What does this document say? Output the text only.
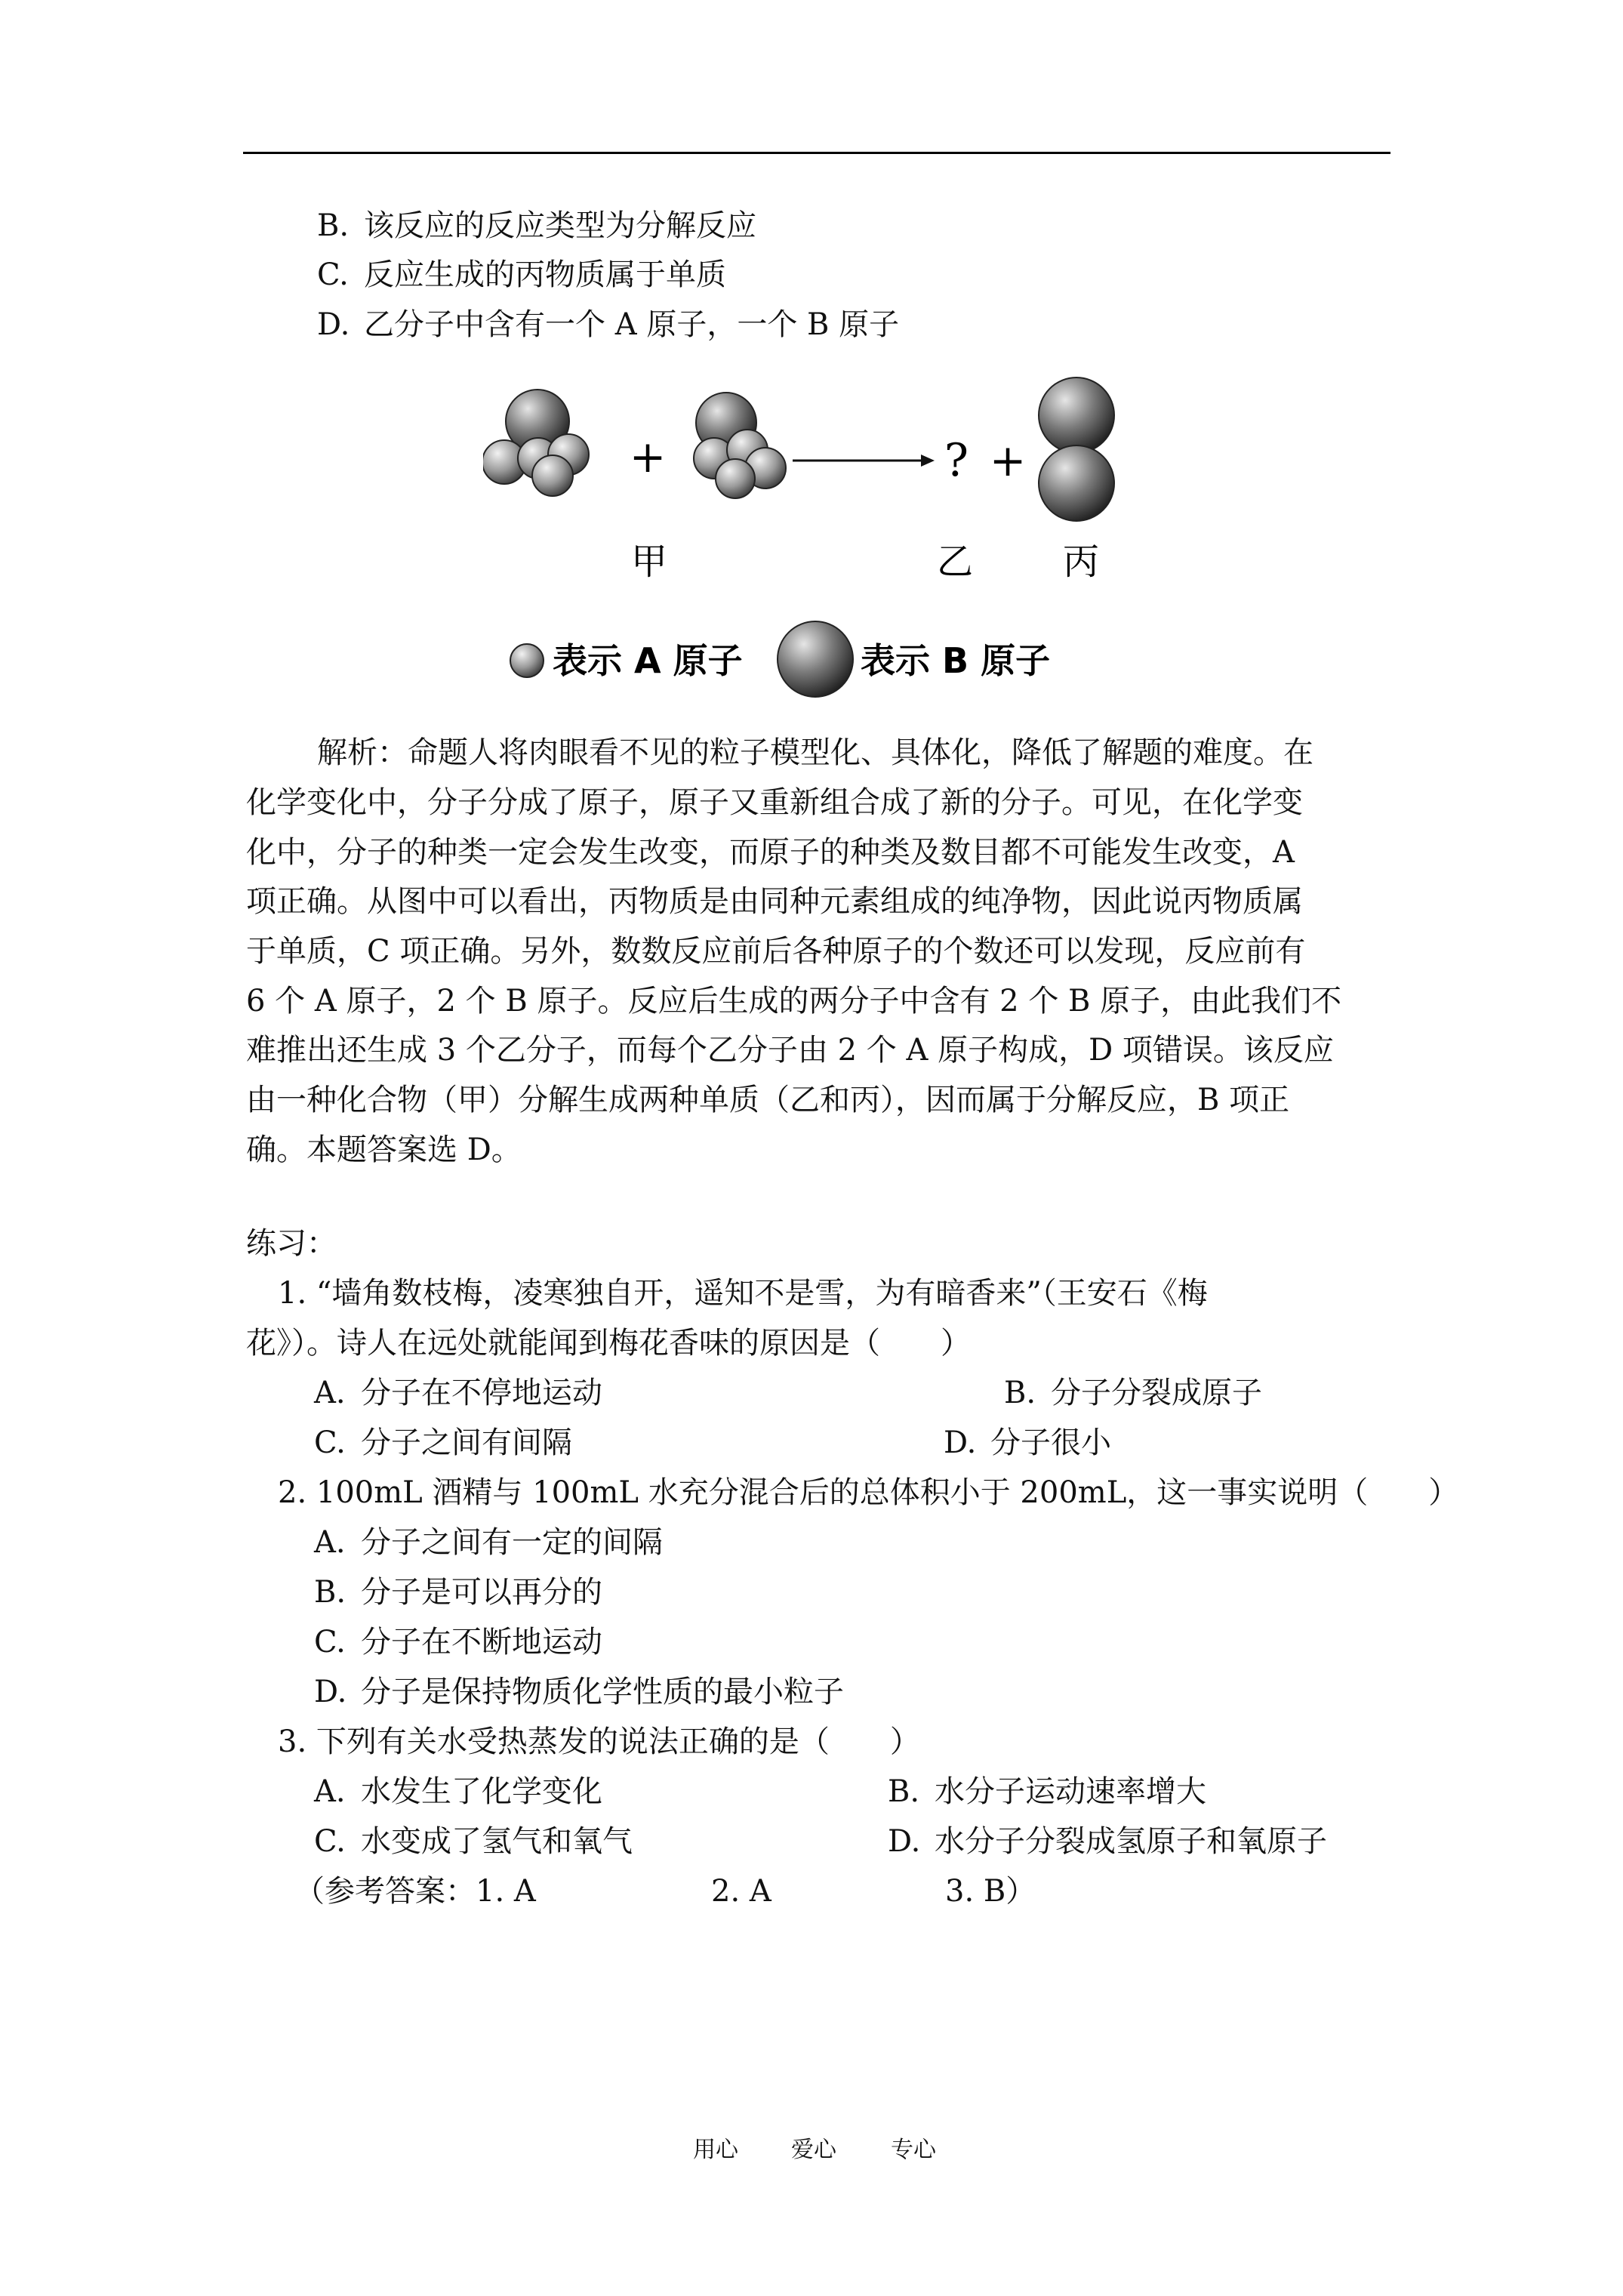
B. 该反应的反应类型为分解反应
C. 反应生成的丙物质属于单质
D. 乙分子中含有一个 A 原子，一个 B 原子
+	? +
甲	乙 丙
表示 A 原子	表示 B 原子
解析：命题人将肉眼看不见的粒子模型化、具体化，降低了解题的难度。在
化学变化中，分子分成了原子，原子又重新组合成了新的分子。可见，在化学变
化中，分子的种类一定会发生改变，而原子的种类及数目都不可能发生改变，A
项正确。从图中可以看出，丙物质是由同种元素组成的纯净物，因此说丙物质属
于单质，C 项正确。另外，数数反应前后各种原子的个数还可以发现，反应前有
6 个 A 原子，2 个 B 原子。反应后生成的两分子中含有 2 个 B 原子，由此我们不
难推出还生成 3 个乙分子，而每个乙分子由 2 个 A 原子构成，D 项错误。该反应
由一种化合物（甲）分解生成两种单质（乙和丙），因而属于分解反应，B 项正
确。本题答案选 D。
练习：
1. “墙角数枝梅，凌寒独自开，遥知不是雪，为有暗香来”（王安石《梅
花》）。诗人在远处就能闻到梅花香味的原因是（　　）
A. 分子在不停地运动	B. 分子分裂成原子
C. 分子之间有间隔	D. 分子很小
2. 100mL 酒精与 100mL 水充分混合后的总体积小于 200mL，这一事实说明（　　）
A. 分子之间有一定的间隔
B. 分子是可以再分的
C. 分子在不断地运动
D. 分子是保持物质化学性质的最小粒子
3. 下列有关水受热蒸发的说法正确的是（　　）
A. 水发生了化学变化	B. 水分子运动速率增大
C. 水变成了氢气和氧气	D. 水分子分裂成氢原子和氧原子
（参考答案： 1. A	2. A	3. B）
用心 爱心 专心
